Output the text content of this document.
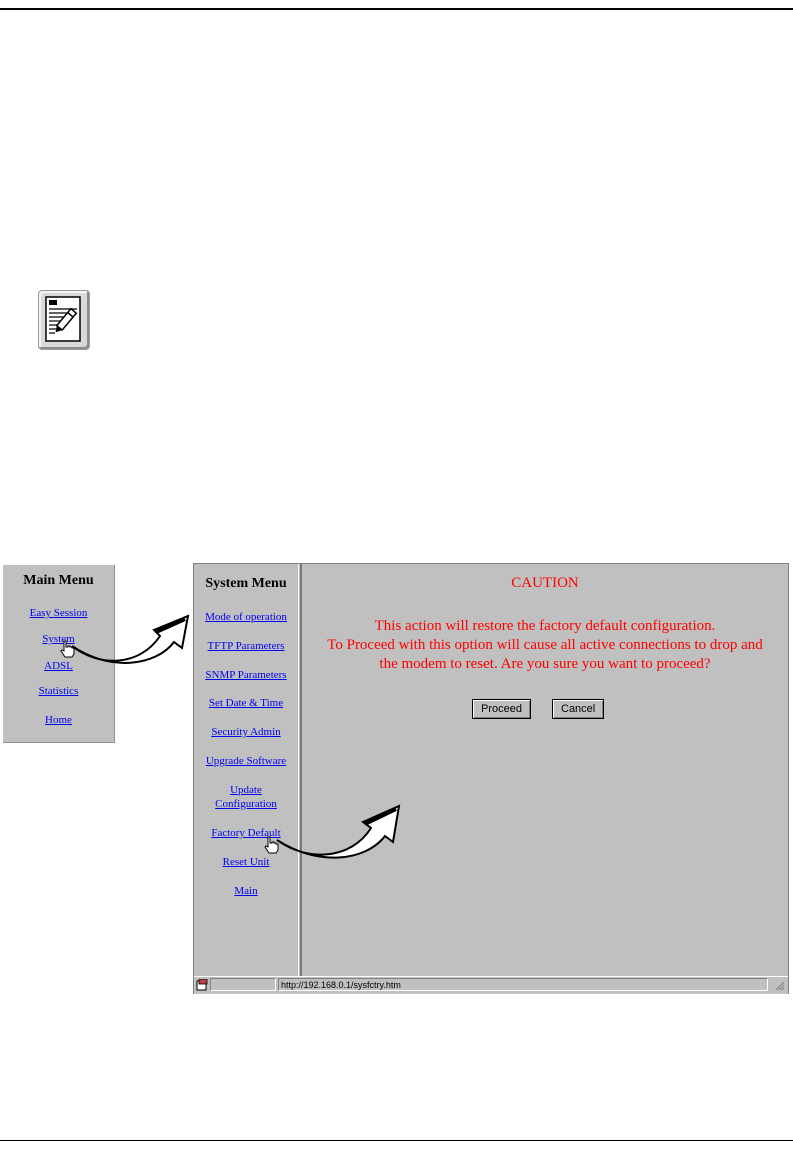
Main Menu
Easy Session
System
ADSL
Statistics
Home
System Menu
Mode of operation
TFTP Parameters
SNMP Parameters
Set Date & Time
Security Admin
Upgrade Software
Update
Configuration
Factory Default
Reset Unit
Main
CAUTION
This action will restore the factory default configuration.
To Proceed with this option will cause all active connections to drop and
the modem to reset. Are you sure you want to proceed?
Proceed	Cancel
http://192.168.0.1/sysfctry.htm
